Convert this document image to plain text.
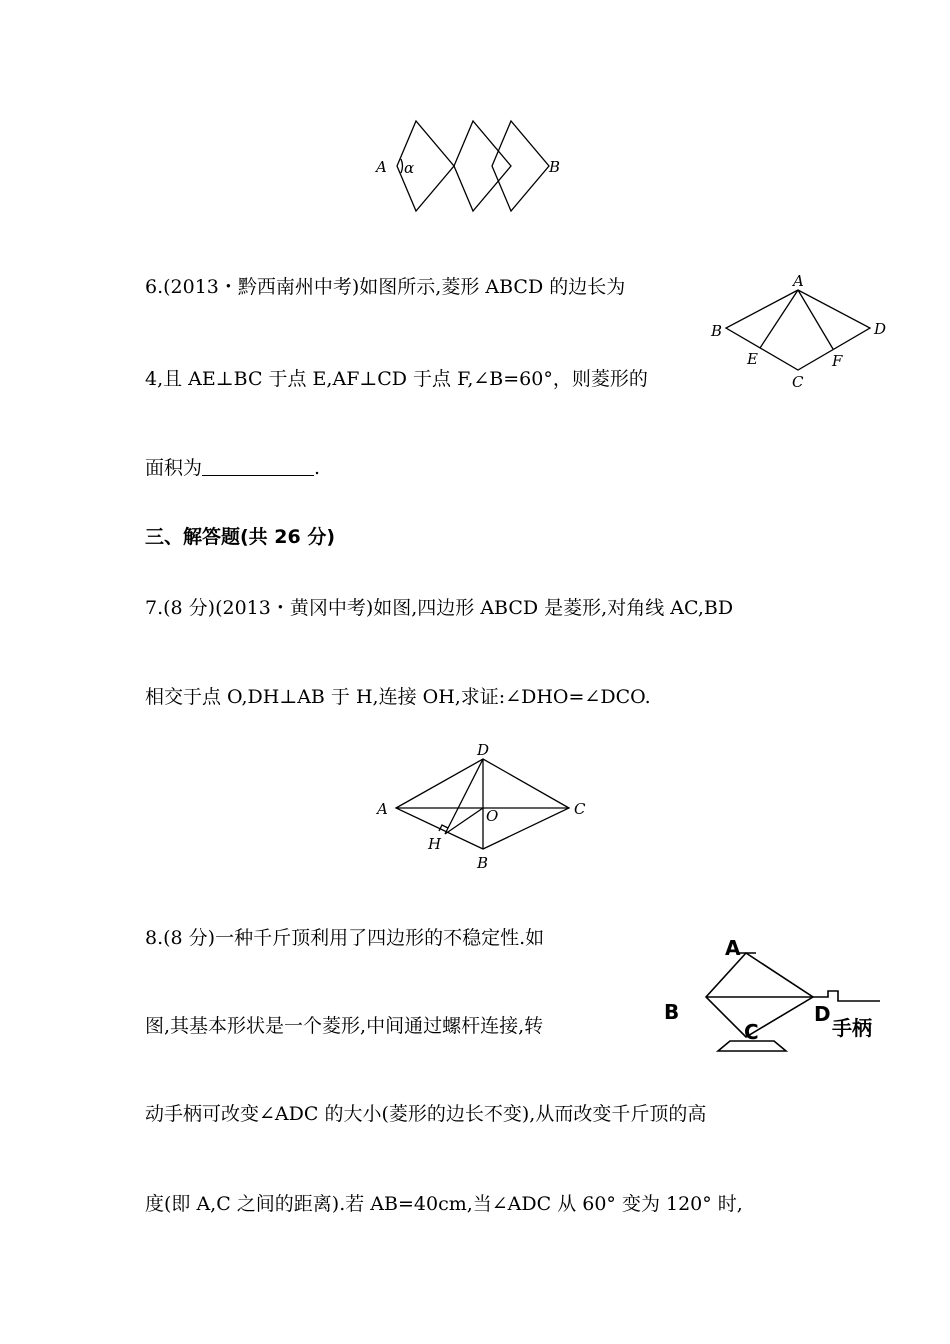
A α	B
6.(2013・黔西南州中考)如图所示,菱形 ABCD 的边长为
4,且 AE⊥BC 于点 E,AF⊥CD 于点 F,∠B=60°，则菱形的
面积为	.
A
B
C
D
E	F
三、解答题(共 26 分)
7.(8 分)(2013・黄冈中考)如图,四边形 ABCD 是菱形,对角线 AC,BD
相交于点 O,DH⊥AB 于 H,连接 OH,求证:∠DHO=∠DCO.
D
A	C
O
H
B
8.(8 分)一种千斤顶利用了四边形的不稳定性.如
图,其基本形状是一个菱形,中间通过螺杆连接,转
动手柄可改变∠ADC 的大小(菱形的边长不变),从而改变千斤顶的高
度(即 A,C 之间的距离).若 AB=40cm,当∠ADC 从 60° 变为 120° 时,
A
B
C
D
手柄
